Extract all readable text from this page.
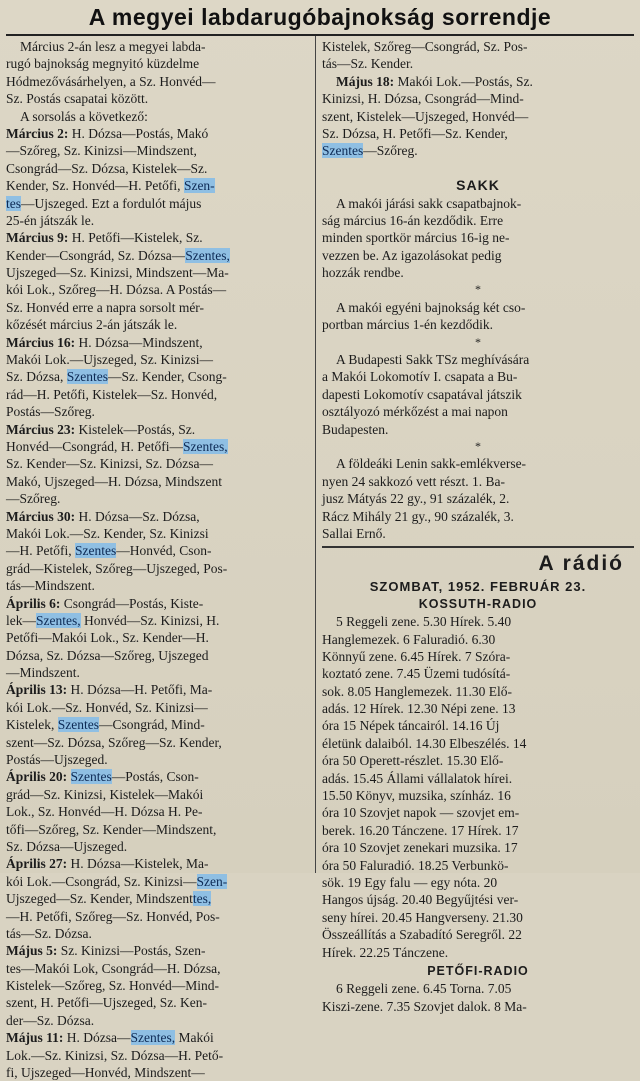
A megyei labdarugóbajnokság sorrendje
Március 2-án lesz a megyei labda-
rugó bajnokság megnyitó küzdelme
Hódmezővásárhelyen, a Sz. Honvéd—
Sz. Postás csapatai között.
A sorsolás a következő:
Március 2: H. Dózsa—Postás, Makó
—Szőreg, Sz. Kinizsi—Mindszent,
Csongrád—Sz. Dózsa, Kistelek—Sz.
Kender, Sz. Honvéd—H. Petőfi, Szen-
tes—Ujszeged. Ezt a fordulót május
25-én játszák le.
Március 9: H. Petőfi—Kistelek, Sz.
Kender—Csongrád, Sz. Dózsa—Szentes,
Ujszeged—Sz. Kinizsi, Mindszent—Ma-
kói Lok., Szőreg—H. Dózsa. A Postás—
Sz. Honvéd erre a napra sorsolt mér-
kőzését március 2-án játszák le.
Március 16: H. Dózsa—Mindszent,
Makói Lok.—Ujszeged, Sz. Kinizsi—
Sz. Dózsa, Szentes—Sz. Kender, Csong-
rád—H. Petőfi, Kistelek—Sz. Honvéd,
Postás—Szőreg.
Március 23: Kistelek—Postás, Sz.
Honvéd—Csongrád, H. Petőfi—Szentes,
Sz. Kender—Sz. Kinizsi, Sz. Dózsa—
Makó, Ujszeged—H. Dózsa, Mindszent
—Szőreg.
Március 30: H. Dózsa—Sz. Dózsa,
Makói Lok.—Sz. Kender, Sz. Kinizsi
—H. Petőfi, Szentes—Honvéd, Cson-
grád—Kistelek, Szőreg—Ujszeged, Pos-
tás—Mindszent.
Április 6: Csongrád—Postás, Kiste-
lek—Szentes, Honvéd—Sz. Kinizsi, H.
Petőfi—Makói Lok., Sz. Kender—H.
Dózsa, Sz. Dózsa—Szőreg, Ujszeged
—Mindszent.
Április 13: H. Dózsa—H. Petőfi, Ma-
kói Lok.—Sz. Honvéd, Sz. Kinizsi—
Kistelek, Szentes—Csongrád, Mind-
szent—Sz. Dózsa, Szőreg—Sz. Kender,
Postás—Ujszeged.
Április 20: Szentes—Postás, Cson-
grád—Sz. Kinizsi, Kistelek—Makói
Lok., Sz. Honvéd—H. Dózsa H. Pe-
tőfi—Szőreg, Sz. Kender—Mindszent,
Sz. Dózsa—Ujszeged.
Április 27: H. Dózsa—Kistelek, Ma-
kói Lok.—Csongrád, Sz. Kinizsi—Szen-
Ujszeged—Sz. Kender, Mindszenttes,
—H. Petőfi, Szőreg—Sz. Honvéd, Pos-
tás—Sz. Dózsa.
Május 5: Sz. Kinizsi—Postás, Szen-
tes—Makói Lok, Csongrád—H. Dózsa,
Kistelek—Szőreg, Sz. Honvéd—Mind-
szent, H. Petőfi—Ujszeged, Sz. Ken-
der—Sz. Dózsa.
Május 11: H. Dózsa—Szentes, Makói
Lok.—Sz. Kinizsi, Sz. Dózsa—H. Pető-
fi, Ujszeged—Honvéd, Mindszent—
Kistelek, Szőreg—Csongrád, Sz. Pos-
tás—Sz. Kender.
Május 18: Makói Lok.—Postás, Sz.
Kinizsi, H. Dózsa, Csongrád—Mind-
szent, Kistelek—Ujszeged, Honvéd—
Sz. Dózsa, H. Petőfi—Sz. Kender,
Szentes—Szőreg.
SAKK
A makói járási sakk csapatbajnok-
ság március 16-án kezdődik. Erre
minden sportkör március 16-ig ne-
vezzen be. Az igazolásokat pedig
hozzák rendbe.
*
A makói egyéni bajnokság két cso-
portban március 1-én kezdődik.
*
A Budapesti Sakk TSz meghívására
a Makói Lokomotív I. csapata a Bu-
dapesti Lokomotív csapatával játszik
osztályozó mérkőzést a mai napon
Budapesten.
*
A földeáki Lenin sakk-emlékverse-
nyen 24 sakkozó vett részt. 1. Ba-
jusz Mátyás 22 gy., 91 százalék, 2.
Rácz Mihály 21 gy., 90 százalék, 3.
Sallai Ernő.
A rádió
SZOMBAT, 1952. FEBRUÁR 23.
KOSSUTH-RADIO
5 Reggeli zene. 5.30 Hírek. 5.40
Hanglemezek. 6 Faluradió. 6.30
Könnyű zene. 6.45 Hírek. 7 Szóra-
koztató zene. 7.45 Üzemi tudósítá-
sok. 8.05 Hanglemezek. 11.30 Elő-
adás. 12 Hírek. 12.30 Népi zene. 13
óra 15 Népek táncairól. 14.16 Új
életünk dalaiból. 14.30 Elbeszélés. 14
óra 50 Operett-részlet. 15.30 Elő-
adás. 15.45 Állami vállalatok hírei.
15.50 Könyv, muzsika, színház. 16
óra 10 Szovjet napok — szovjet em-
berek. 16.20 Tánczene. 17 Hírek. 17
óra 10 Szovjet zenekari muzsika. 17
óra 50 Faluradió. 18.25 Verbunkö-
sök. 19 Egy falu — egy nóta. 20
Hangos újság. 20.40 Begyűjtési ver-
seny hírei. 20.45 Hangverseny. 21.30
Összeállítás a Szabadító Seregről. 22
Hírek. 22.25 Tánczene.
PETŐFI-RADIO
6 Reggeli zene. 6.45 Torna. 7.05
Kiszi-zene. 7.35 Szovjet dalok. 8 Ma-
